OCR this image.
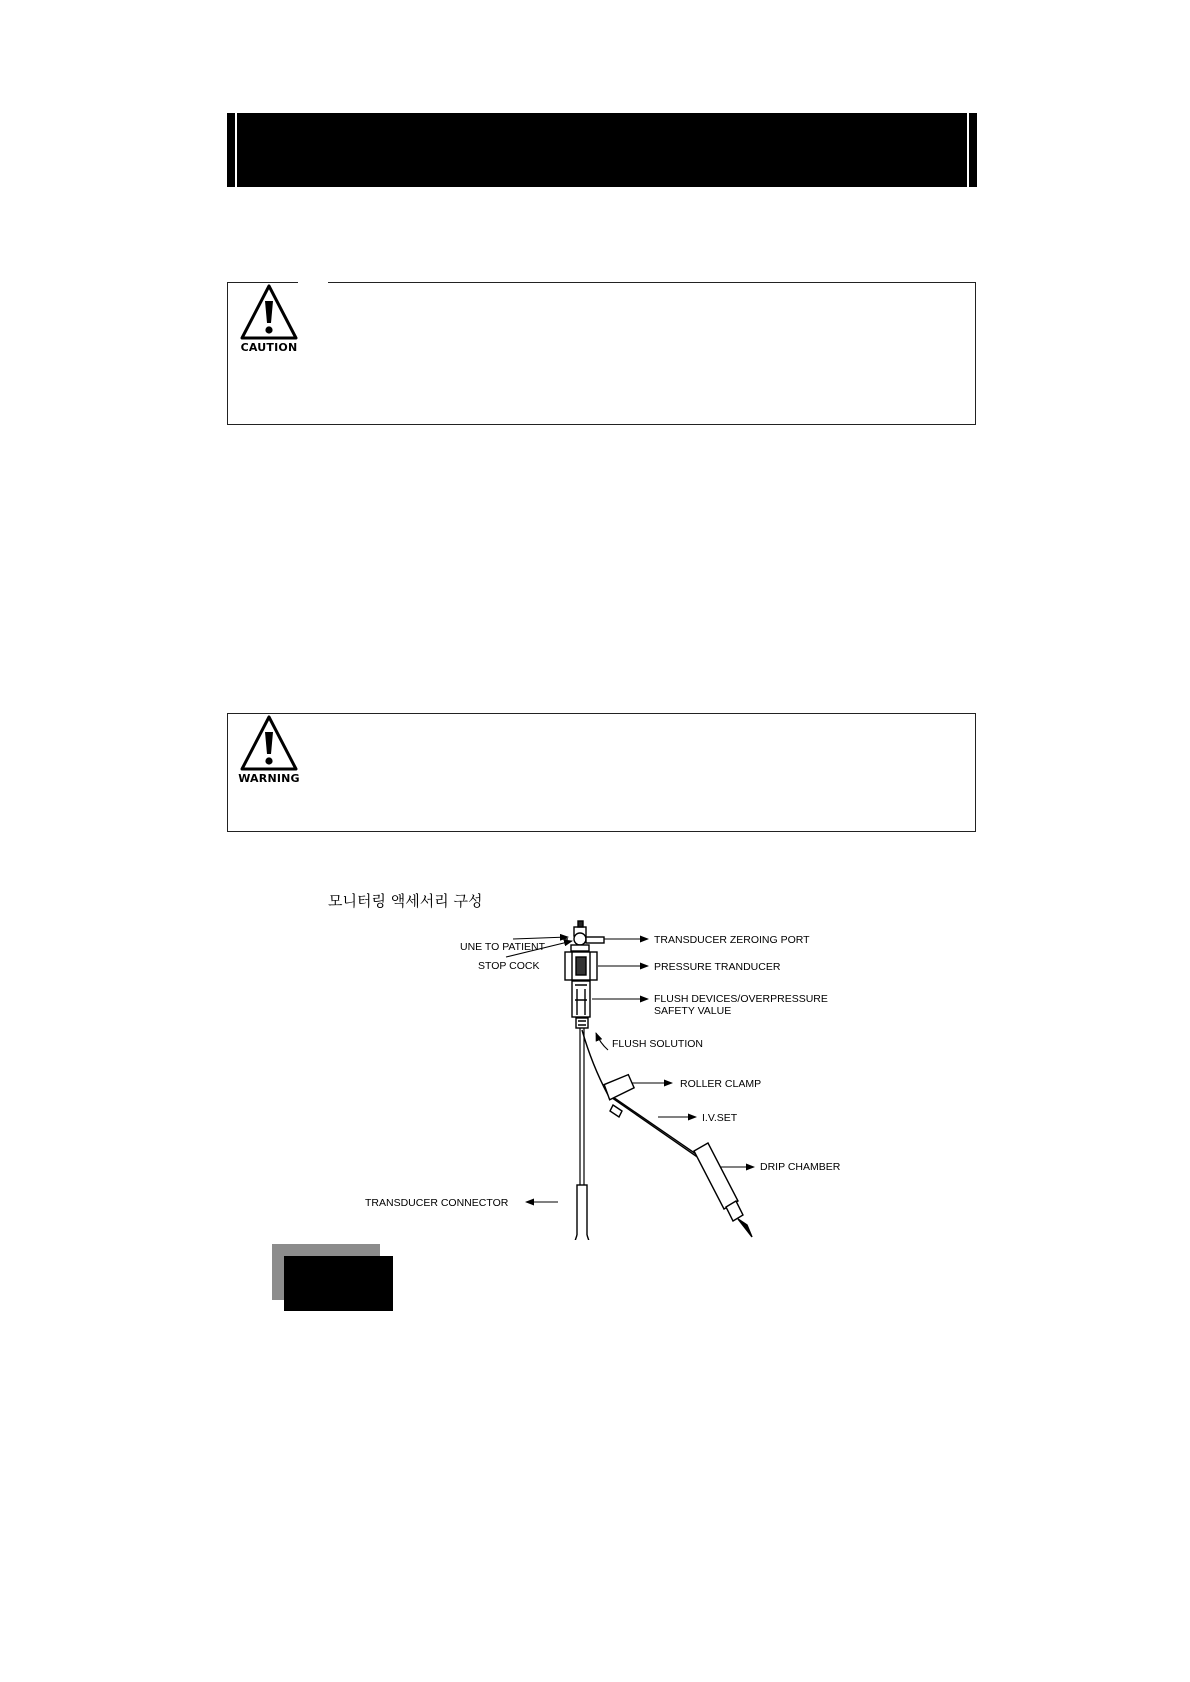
CAUTION
WARNING
모니터링 액세서리 구성
UNE TO PATIENT
STOP COCK
TRANSDUCER ZEROING PORT
PRESSURE TRANDUCER
FLUSH DEVICES/OVERPRESSURE
SAFETY VALUE
FLUSH SOLUTION
ROLLER CLAMP
I.V.SET
DRIP CHAMBER
TRANSDUCER CONNECTOR
